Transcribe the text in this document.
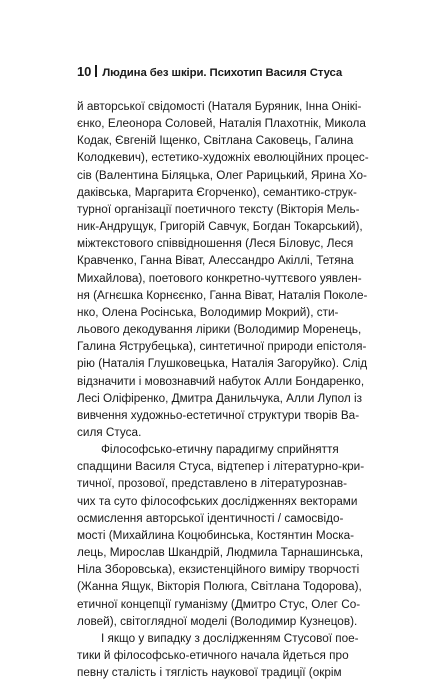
10 Людина без шкіри. Психотип Василя Стуса
й авторської свідомості (Наталя Буряник, Інна Онікі-
єнко, Елеонора Соловей, Наталія Плахотнік, Микола
Кодак, Євгеній Іщенко, Світлана Саковець, Галина
Колодкевич), естетико-художніх еволюційних процес-
сів (Валентина Біляцька, Олег Рарицький, Ярина Хо-
даківська, Маргарита Єгорченко), семантико-струк-
турної організації поетичного тексту (Вікторія Мель-
ник-Андрущук, Григорій Савчук, Богдан Токарський),
міжтекстового співвідношення (Леся Біловус, Леся
Кравченко, Ганна Віват, Алессандро Акіллі, Тетяна
Михайлова), поетового конкретно-чуттєвого уявлен-
ня (Агнєшка Корнєєнко, Ганна Віват, Наталія Поколе-
нко, Олена Росінська, Володимир Мокрий), сти-
льового декодування лірики (Володимир Моренець,
Галина Яструбецька), синтетичної природи епістоля-
рію (Наталія Глушковецька, Наталія Загоруйко). Слід
відзначити і мовознавчий набуток Алли Бондаренко,
Лесі Оліфіренко, Дмитра Данильчука, Алли Лупол із
вивчення художньо-естетичної структури творів Ва-
силя Стуса.
Філософсько-етичну парадигму сприйняття
спадщини Василя Стуса, відтепер і літературно-кри-
тичної, прозової, представлено в літературознав-
чих та суто філософських дослідженнях векторами
осмислення авторської ідентичності / самосвідо-
мості (Михайлина Коцюбинська, Костянтин Моска-
лець, Мирослав Шкандрій, Людмила Тарнашинська,
Ніла Зборовська), екзистенційного виміру творчості
(Жанна Ящук, Вікторія Полюга, Світлана Тодорова),
етичної концепції гуманізму (Дмитро Стус, Олег Со-
ловей), світоглядної моделі (Володимир Кузнецов).
І якщо у випадку з дослідженням Стусової пое-
тики й філософсько-етичного начала йдеться про
певну сталість і тяглість наукової традиції (окрім
